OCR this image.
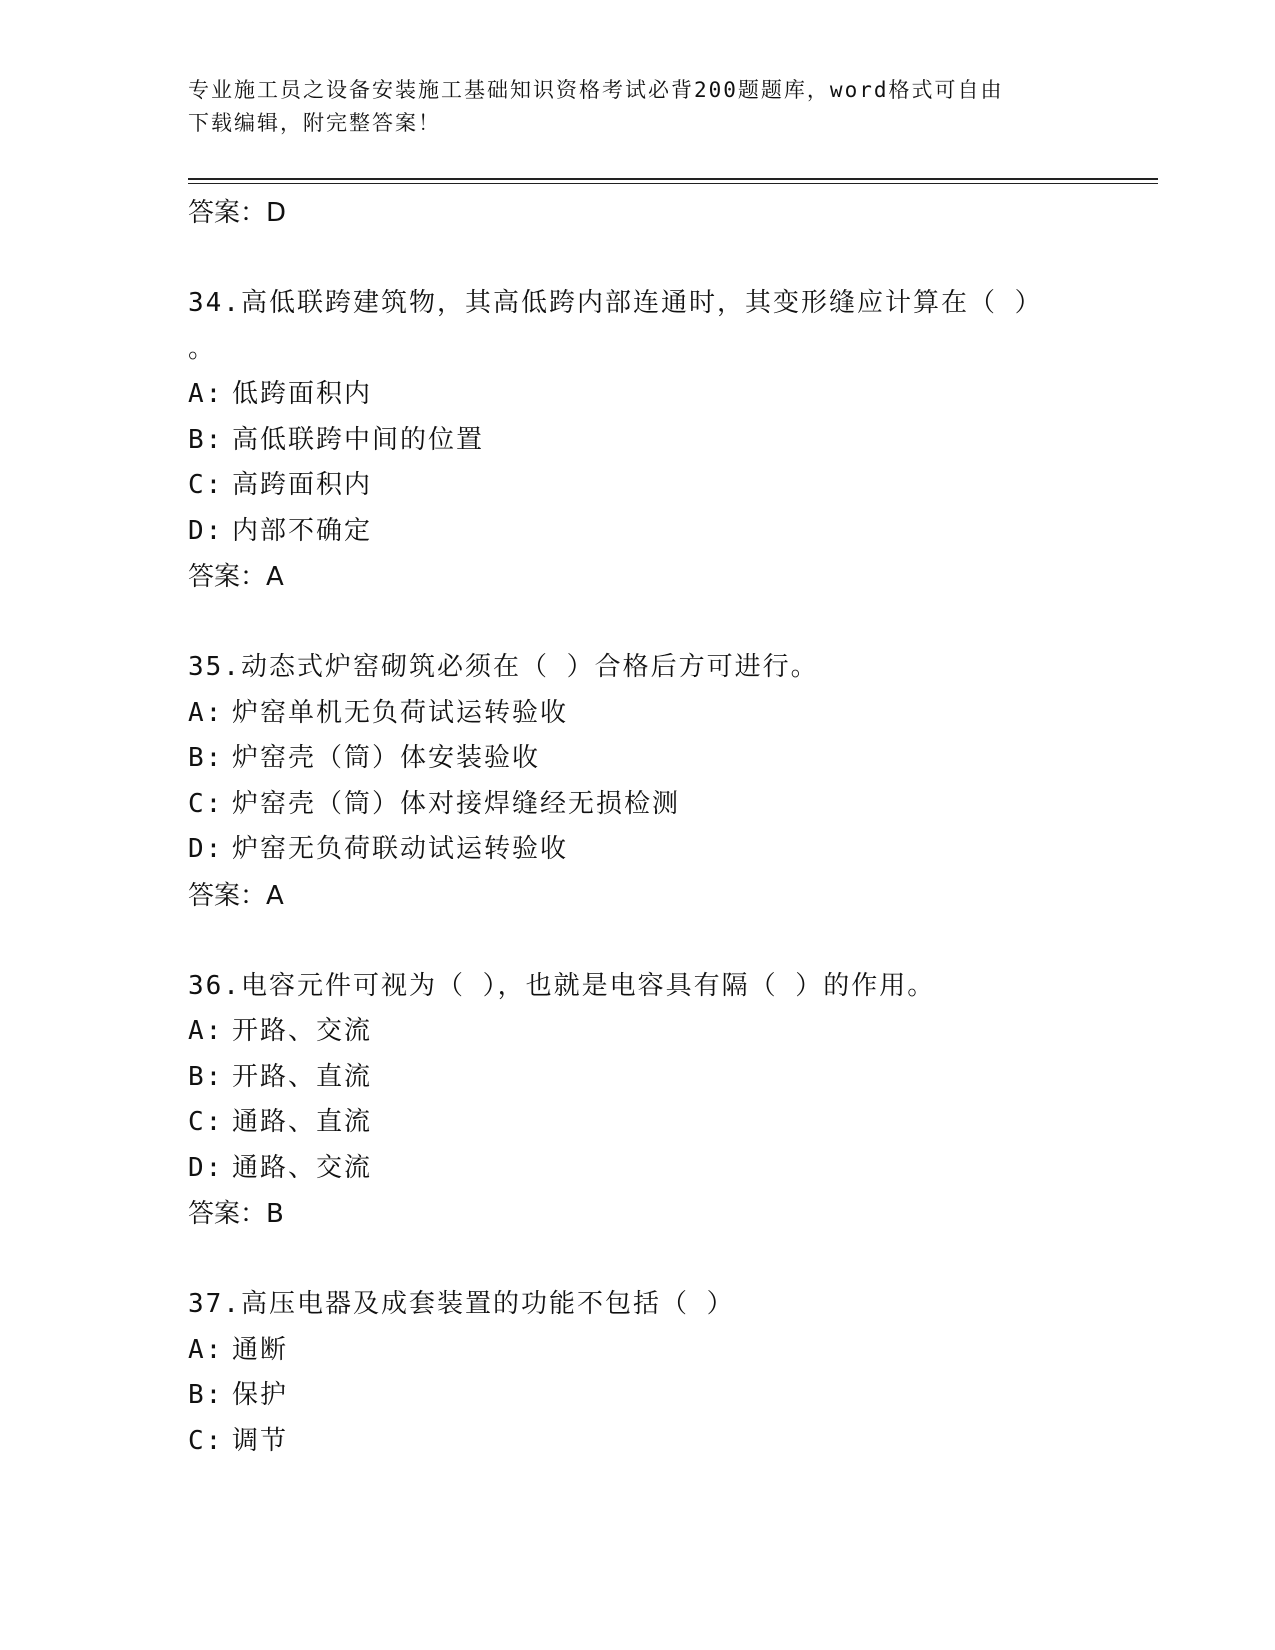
专业施工员之设备安装施工基础知识资格考试必背200题题库，word格式可自由
下载编辑，附完整答案！
答案：D
34.高低联跨建筑物，其高低跨内部连通时，其变形缝应计算在（ ）
。
A: 低跨面积内
B: 高低联跨中间的位置
C: 高跨面积内
D: 内部不确定
答案：A
35.动态式炉窑砌筑必须在（ ）合格后方可进行。
A: 炉窑单机无负荷试运转验收
B: 炉窑壳（筒）体安装验收
C: 炉窑壳（筒）体对接焊缝经无损检测
D: 炉窑无负荷联动试运转验收
答案：A
36.电容元件可视为（ ），也就是电容具有隔（ ）的作用。
A: 开路、交流
B: 开路、直流
C: 通路、直流
D: 通路、交流
答案：B
37.高压电器及成套装置的功能不包括（ ）
A: 通断
B: 保护
C: 调节
